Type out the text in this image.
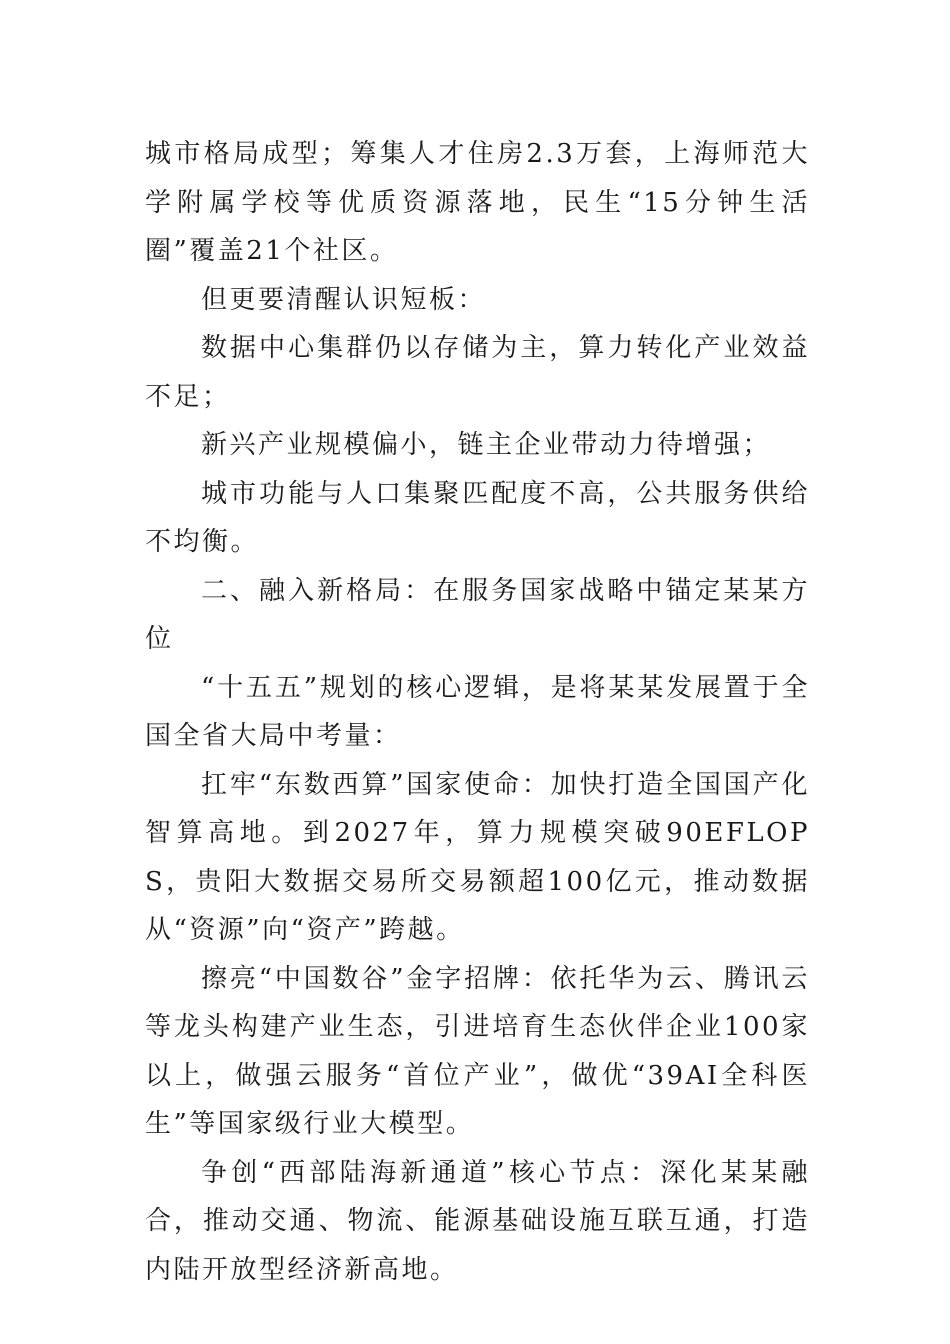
城市格局成型；筹集人才住房2.3万套，上海师范大学附属学校等优质资源落地，民生“15分钟生活圈”覆盖21个社区。

但更要清醒认识短板：

数据中心集群仍以存储为主，算力转化产业效益不足；

新兴产业规模偏小，链主企业带动力待增强；

城市功能与人口集聚匹配度不高，公共服务供给不均衡。

二、融入新格局：在服务国家战略中锚定某某方位

“十五五”规划的核心逻辑，是将某某发展置于全国全省大局中考量：

扛牢“东数西算”国家使命：加快打造全国国产化智算高地。到2027年，算力规模突破90EFLOPS，贵阳大数据交易所交易额超100亿元，推动数据从“资源”向“资产”跨越。

擦亮“中国数谷”金字招牌：依托华为云、腾讯云等龙头构建产业生态，引进培育生态伙伴企业100家以上，做强云服务“首位产业”，做优“39AI全科医生”等国家级行业大模型。

争创“西部陆海新通道”核心节点：深化某某融合，推动交通、物流、能源基础设施互联互通，打造内陆开放型经济新高地。
